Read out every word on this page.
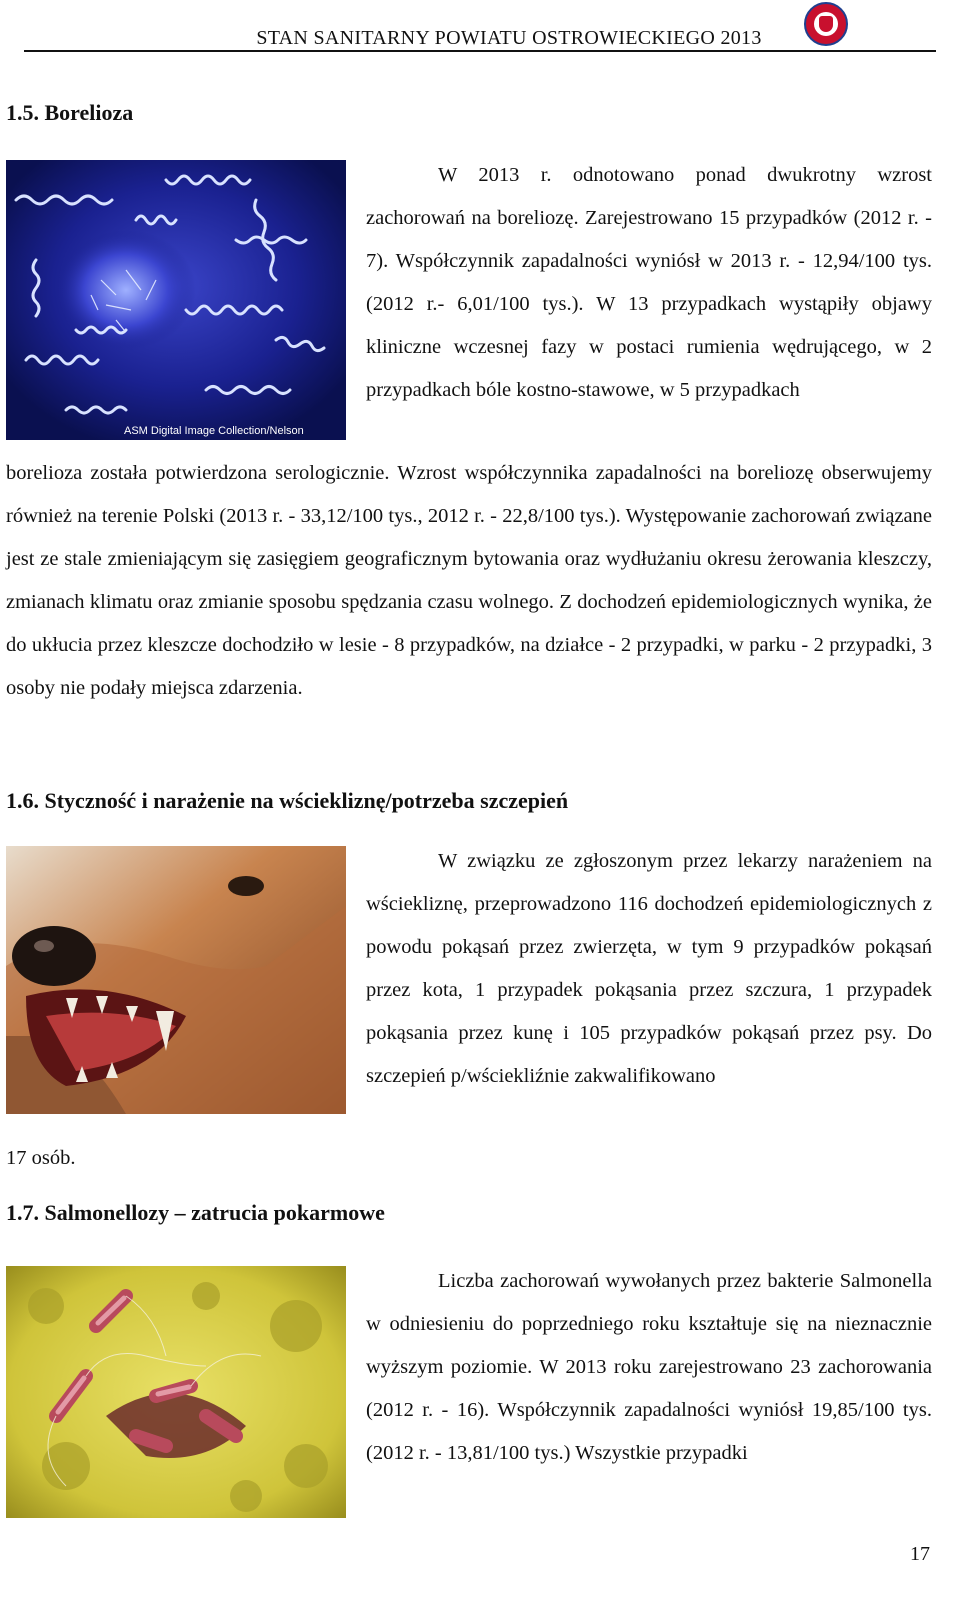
STAN SANITARNY POWIATU OSTROWIECKIEGO 2013
1.5. Borelioza
ASM Digital Image Collection/Nelson

W 2013 r. odnotowano ponad dwukrotny wzrost zachorowań na boreliozę. Zarejestrowano 15 przypadków (2012 r. - 7). Współczynnik zapadalności wyniósł w 2013 r. - 12,94/100 tys. (2012 r.- 6,01/100 tys.). W 13 przypadkach wystąpiły objawy kliniczne wczesnej fazy w postaci rumienia wędrującego, w 2 przypadkach bóle kostno-stawowe, w 5 przypadkach

borelioza została potwierdzona serologicznie. Wzrost współczynnika zapadalności na boreliozę obserwujemy również na terenie Polski (2013 r. - 33,12/100 tys., 2012 r. - 22,8/100 tys.). Występowanie zachorowań związane jest ze stale zmieniającym się zasięgiem geograficznym bytowania oraz wydłużaniu okresu żerowania kleszczy, zmianach klimatu oraz zmianie sposobu spędzania czasu wolnego. Z dochodzeń epidemiologicznych wynika, że do ukłucia przez kleszcze dochodziło w lesie - 8 przypadków, na działce - 2 przypadki, w parku - 2 przypadki, 3 osoby nie podały miejsca zdarzenia.

1.6. Styczność i narażenie na wściekliznę/potrzeba szczepień

W związku ze zgłoszonym przez lekarzy narażeniem na wściekliznę, przeprowadzono 116 dochodzeń epidemiologicznych z powodu pokąsań przez zwierzęta, w tym 9 przypadków pokąsań przez kota, 1 przypadek pokąsania przez szczura, 1 przypadek pokąsania przez kunę i 105 przypadków pokąsań przez psy. Do szczepień p/wściekliźnie zakwalifikowano

17 osób.

1.7. Salmonellozy – zatrucia pokarmowe

Liczba zachorowań wywołanych przez bakterie Salmonella w odniesieniu do poprzedniego roku kształtuje się na nieznacznie wyższym poziomie. W 2013 roku zarejestrowano 23 zachorowania (2012 r. - 16). Współczynnik zapadalności wyniósł 19,85/100 tys. (2012 r. - 13,81/100 tys.) Wszystkie przypadki

17
